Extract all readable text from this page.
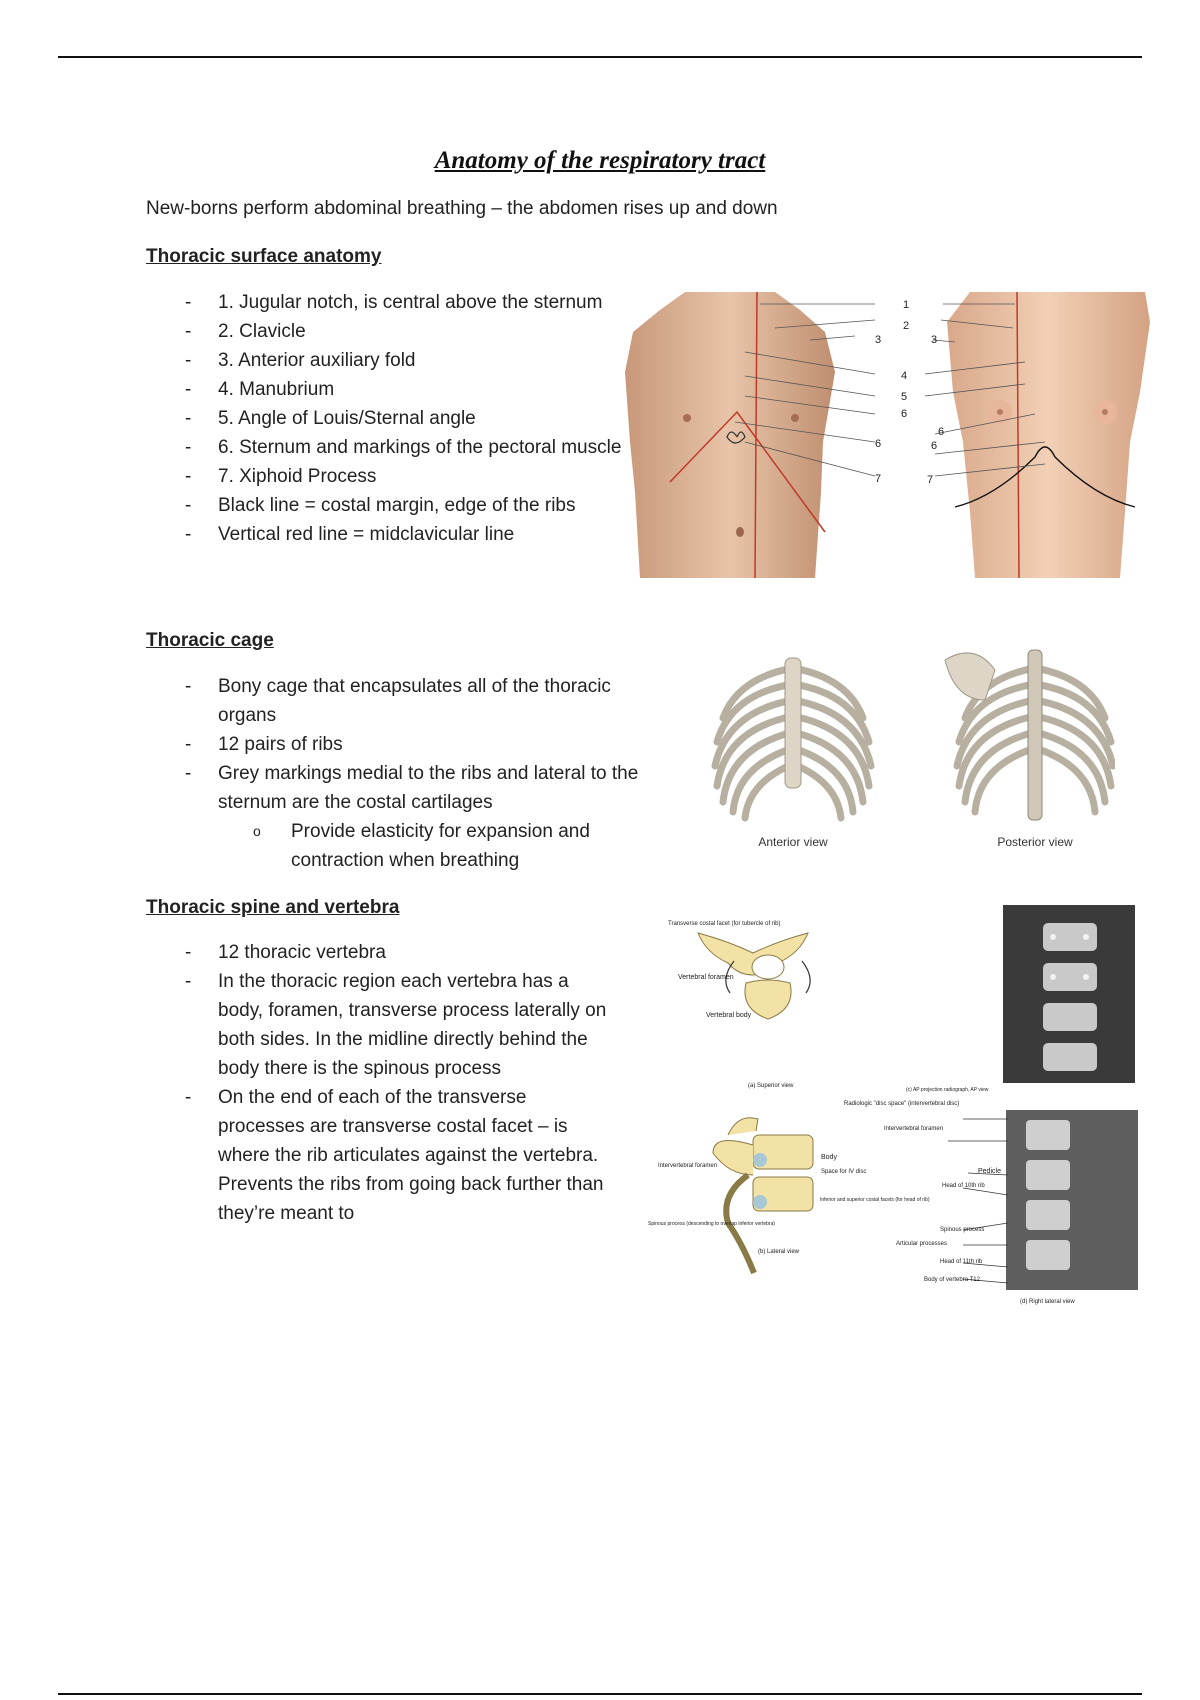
Anatomy of the respiratory tract
New-borns perform abdominal breathing – the abdomen rises up and down
Thoracic surface anatomy
-	1. Jugular notch, is central above the sternum
-	2. Clavicle
-	3. Anterior auxiliary fold
-	4. Manubrium
-	5. Angle of Louis/Sternal angle
-	6. Sternum and markings of the pectoral muscle
-	7. Xiphoid Process
-	Black line = costal margin, edge of the ribs
-	Vertical red line = midclavicular line
1
2
3
4
5
6
6
7
3
6
6
7
Thoracic cage
-	Bony cage that encapsulates all of the thoracic organs
-	12 pairs of ribs
-	Grey markings medial to the ribs and lateral to the sternum are the costal cartilages
o	Provide elasticity for expansion and contraction when breathing
Anterior view	Posterior view
Thoracic spine and vertebra
-	12 thoracic vertebra
-	In the thoracic region each vertebra has a body, foramen, transverse process laterally on both sides. In the midline directly behind the body there is the spinous process
-	On the end of each of the transverse processes are transverse costal facet – is where the rib articulates against the vertebra. Prevents the ribs from going back further than they’re meant to
Vertebral foramen
Transverse costal facet (for tubercle of rib)
Vertebral body
(a) Superior view
Intervertebral foramen
Spinous process (descending to overlap inferior vertebra)
Body
Space for IV disc
Inferior and superior costal facets (for head of rib)
(b) Lateral view
(c) AP projection radiograph, AP view
Radiologic "disc space" (intervertebral disc)
Intervertebral foramen
Pedicle
Head of 10th rib
Spinous process
Articular processes
Head of 11th rib
Body of vertebra T12
(d) Right lateral view
